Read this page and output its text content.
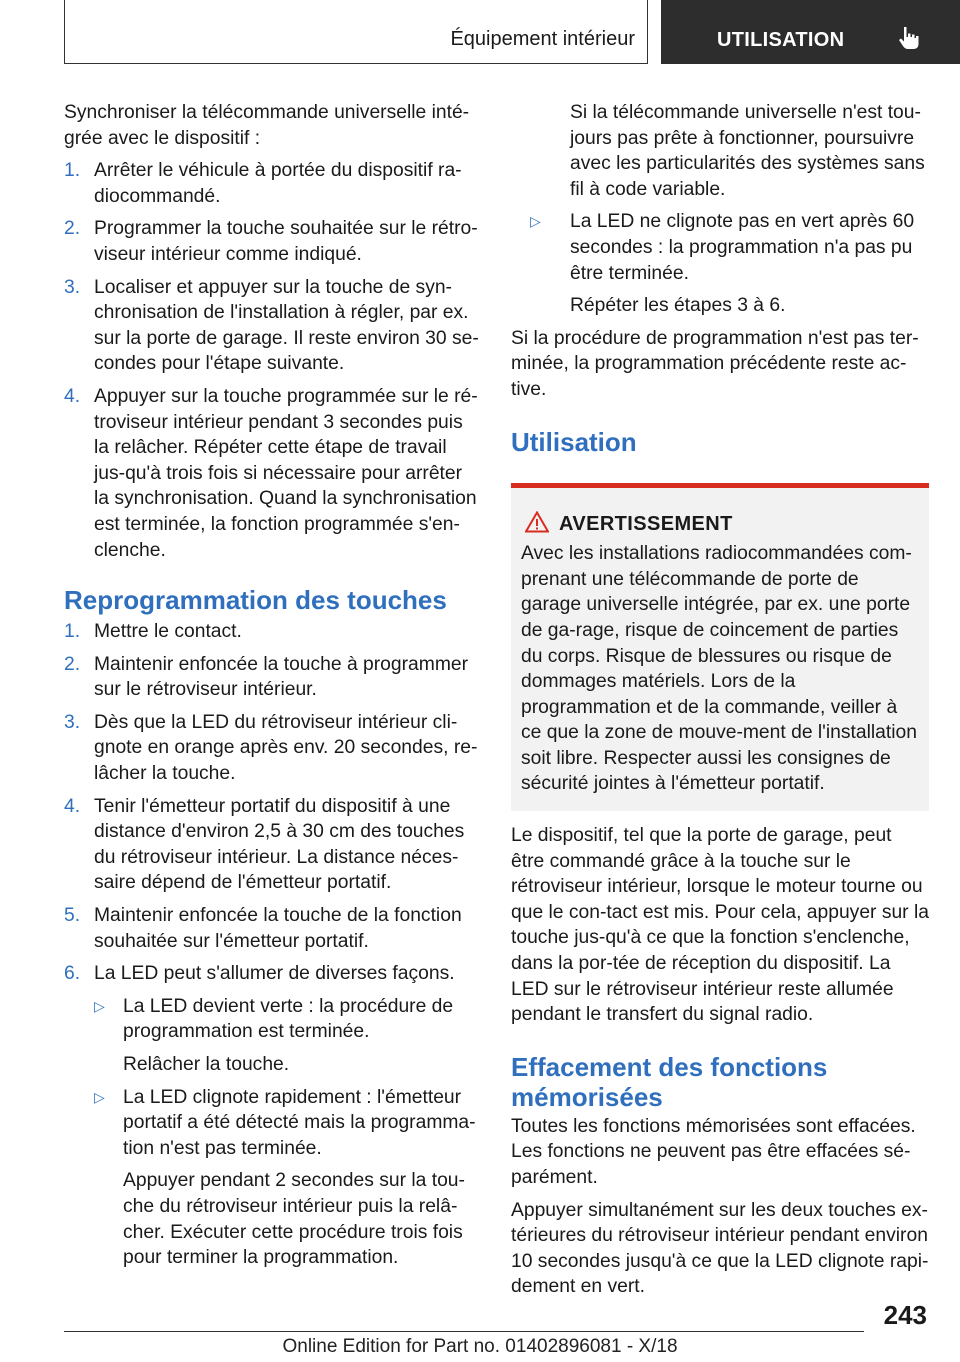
Équipement intérieur	UTILISATION

Synchroniser la télécommande universelle inté-grée avec le dispositif :

1. Arrêter le véhicule à portée du dispositif ra-diocommandé.
2. Programmer la touche souhaitée sur le rétro-viseur intérieur comme indiqué.
3. Localiser et appuyer sur la touche de syn-chronisation de l'installation à régler, par ex. sur la porte de garage. Il reste environ 30 se-condes pour l'étape suivante.
4. Appuyer sur la touche programmée sur le ré-troviseur intérieur pendant 3 secondes puis la relâcher. Répéter cette étape de travail jus-qu'à trois fois si nécessaire pour arrêter la synchronisation. Quand la synchronisation est terminée, la fonction programmée s'en-clenche.
Reprogrammation des touches
1. Mettre le contact.
2. Maintenir enfoncée la touche à programmer sur le rétroviseur intérieur.
3. Dès que la LED du rétroviseur intérieur cli-gnote en orange après env. 20 secondes, re-lâcher la touche.
4. Tenir l'émetteur portatif du dispositif à une distance d'environ 2,5 à 30 cm des touches du rétroviseur intérieur. La distance néces-saire dépend de l'émetteur portatif.
5. Maintenir enfoncée la touche de la fonction souhaitée sur l'émetteur portatif.
6. La LED peut s'allumer de diverses façons.
▷ La LED devient verte : la procédure de programmation est terminée.
Relâcher la touche.
▷ La LED clignote rapidement : l'émetteur portatif a été détecté mais la programma-tion n'est pas terminée.
Appuyer pendant 2 secondes sur la tou-che du rétroviseur intérieur puis la relâ-cher. Exécuter cette procédure trois fois pour terminer la programmation.
Si la télécommande universelle n'est tou-jours pas prête à fonctionner, poursuivre avec les particularités des systèmes sans fil à code variable.
▷ La LED ne clignote pas en vert après 60 secondes : la programmation n'a pas pu être terminée.
Répéter les étapes 3 à 6.

Si la procédure de programmation n'est pas ter-minée, la programmation précédente reste ac-tive.

Utilisation
AVERTISSEMENT
Avec les installations radiocommandées com-prenant une télécommande de porte de garage universelle intégrée, par ex. une porte de ga-rage, risque de coincement de parties du corps. Risque de blessures ou risque de dommages matériels. Lors de la programmation et de la commande, veiller à ce que la zone de mouve-ment de l'installation soit libre. Respecter aussi les consignes de sécurité jointes à l'émetteur portatif.

Le dispositif, tel que la porte de garage, peut être commandé grâce à la touche sur le rétroviseur intérieur, lorsque le moteur tourne ou que le con-tact est mis. Pour cela, appuyer sur la touche jus-qu'à ce que la fonction s'enclenche, dans la por-tée de réception du dispositif. La LED sur le rétroviseur intérieur reste allumée pendant le transfert du signal radio.

Effacement des fonctions mémorisées

Toutes les fonctions mémorisées sont effacées. Les fonctions ne peuvent pas être effacées sé-parément.

Appuyer simultanément sur les deux touches ex-térieures du rétroviseur intérieur pendant environ 10 secondes jusqu'à ce que la LED clignote rapi-dement en vert.

243
Online Edition for Part no. 01402896081 - X/18
